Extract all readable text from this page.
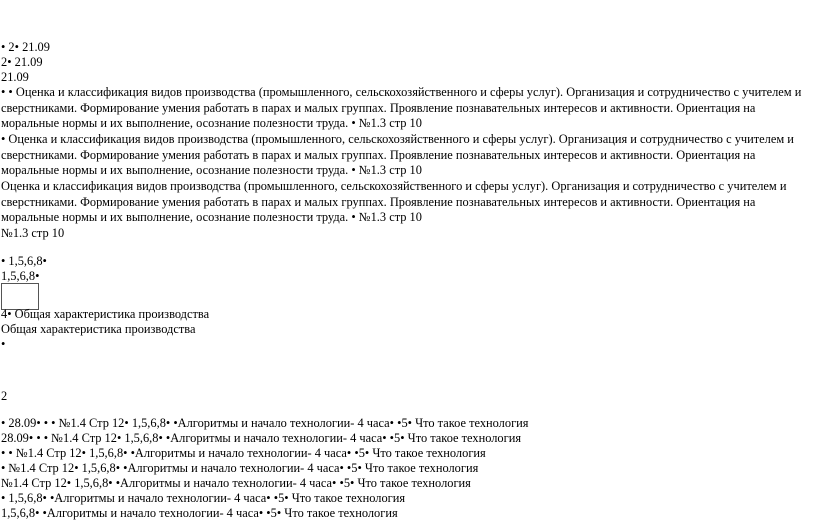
• 2• 21.09
2• 21.09
21.09
• • Оценка и классификация видов производства (промышленного, сельскохозяйственного и сферы услуг). Организация и сотрудничество с учителем и сверстниками. Формирование умения работать в парах и малых группах. Проявление познавательных интересов и активности. Ориентация на моральные нормы и их выполнение, осознание полезности труда. • №1.3 стр 10
• Оценка и классификация видов производства (промышленного, сельскохозяйственного и сферы услуг). Организация и сотрудничество с учителем и сверстниками. Формирование умения работать в парах и малых группах. Проявление познавательных интересов и активности. Ориентация на моральные нормы и их выполнение, осознание полезности труда. • №1.3 стр 10
Оценка и классификация видов производства (промышленного, сельскохозяйственного и сферы услуг). Организация и сотрудничество с учителем и сверстниками. Формирование умения работать в парах и малых группах. Проявление познавательных интересов и активности. Ориентация на моральные нормы и их выполнение, осознание полезности труда. • №1.3 стр 10
№1.3 стр 10
• 1,5,6,8•
1,5,6,8•
4• Общая характеристика производства
Общая характеристика производства
•
2
• 28.09• • • №1.4 Стр 12• 1,5,6,8• •Алгоритмы и начало технологии- 4 часа• •5• Что такое технология
28.09• • • №1.4 Стр 12• 1,5,6,8• •Алгоритмы и начало технологии- 4 часа• •5• Что такое технология
• • №1.4 Стр 12• 1,5,6,8• •Алгоритмы и начало технологии- 4 часа• •5• Что такое технология
• №1.4 Стр 12• 1,5,6,8• •Алгоритмы и начало технологии- 4 часа• •5• Что такое технология
№1.4 Стр 12• 1,5,6,8• •Алгоритмы и начало технологии- 4 часа• •5• Что такое технология
• 1,5,6,8• •Алгоритмы и начало технологии- 4 часа• •5• Что такое технология
1,5,6,8• •Алгоритмы и начало технологии- 4 часа• •5• Что такое технология
